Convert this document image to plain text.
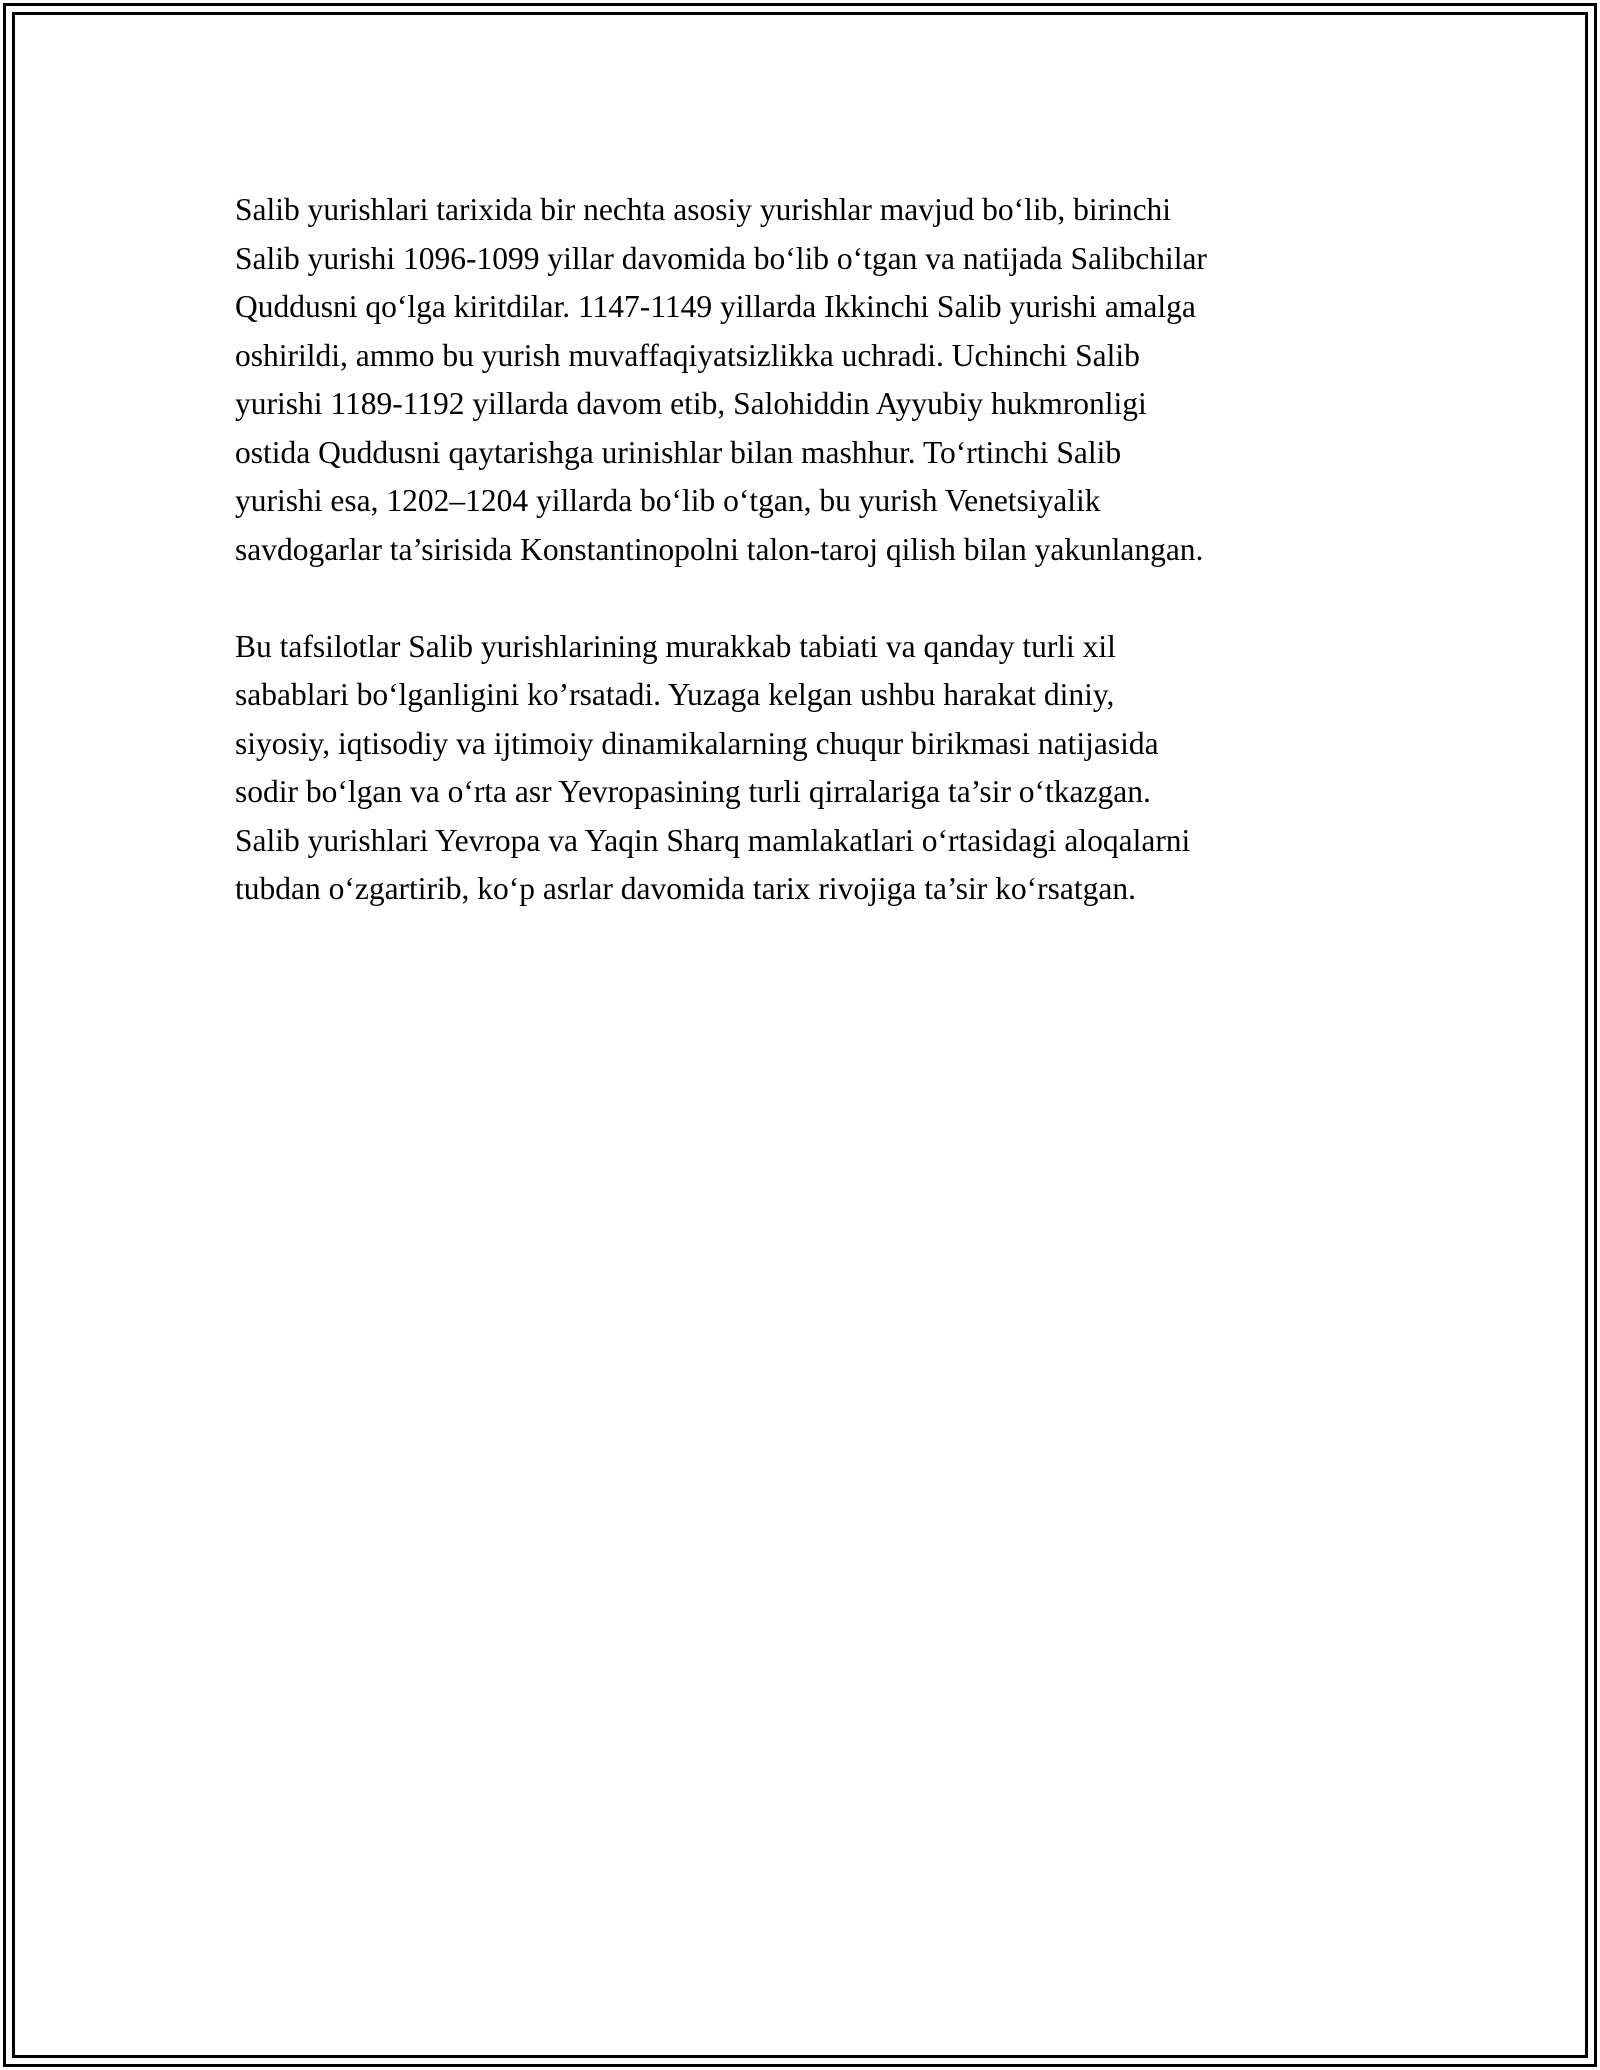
Salib yurishlari tarixida bir nechta asosiy yurishlar mavjud bo‘lib, birinchi
Salib yurishi 1096-1099 yillar davomida bo‘lib o‘tgan va natijada Salibchilar
Quddusni qo‘lga kiritdilar. 1147-1149 yillarda Ikkinchi Salib yurishi amalga
oshirildi, ammo bu yurish muvaffaqiyatsizlikka uchradi. Uchinchi Salib
yurishi 1189-1192 yillarda davom etib, Salohiddin Ayyubiy hukmronligi
ostida Quddusni qaytarishga urinishlar bilan mashhur. To‘rtinchi Salib
yurishi esa, 1202–1204 yillarda bo‘lib o‘tgan, bu yurish Venetsiyalik
savdogarlar ta’sirisida Konstantinopolni talon-taroj qilish bilan yakunlangan.

Bu tafsilotlar Salib yurishlarining murakkab tabiati va qanday turli xil
sabablari bo‘lganligini ko’rsatadi. Yuzaga kelgan ushbu harakat diniy,
siyosiy, iqtisodiy va ijtimoiy dinamikalarning chuqur birikmasi natijasida
sodir bo‘lgan va o‘rta asr Yevropasining turli qirralariga ta’sir o‘tkazgan.
Salib yurishlari Yevropa va Yaqin Sharq mamlakatlari o‘rtasidagi aloqalarni
tubdan o‘zgartirib, ko‘p asrlar davomida tarix rivojiga ta’sir ko‘rsatgan.
